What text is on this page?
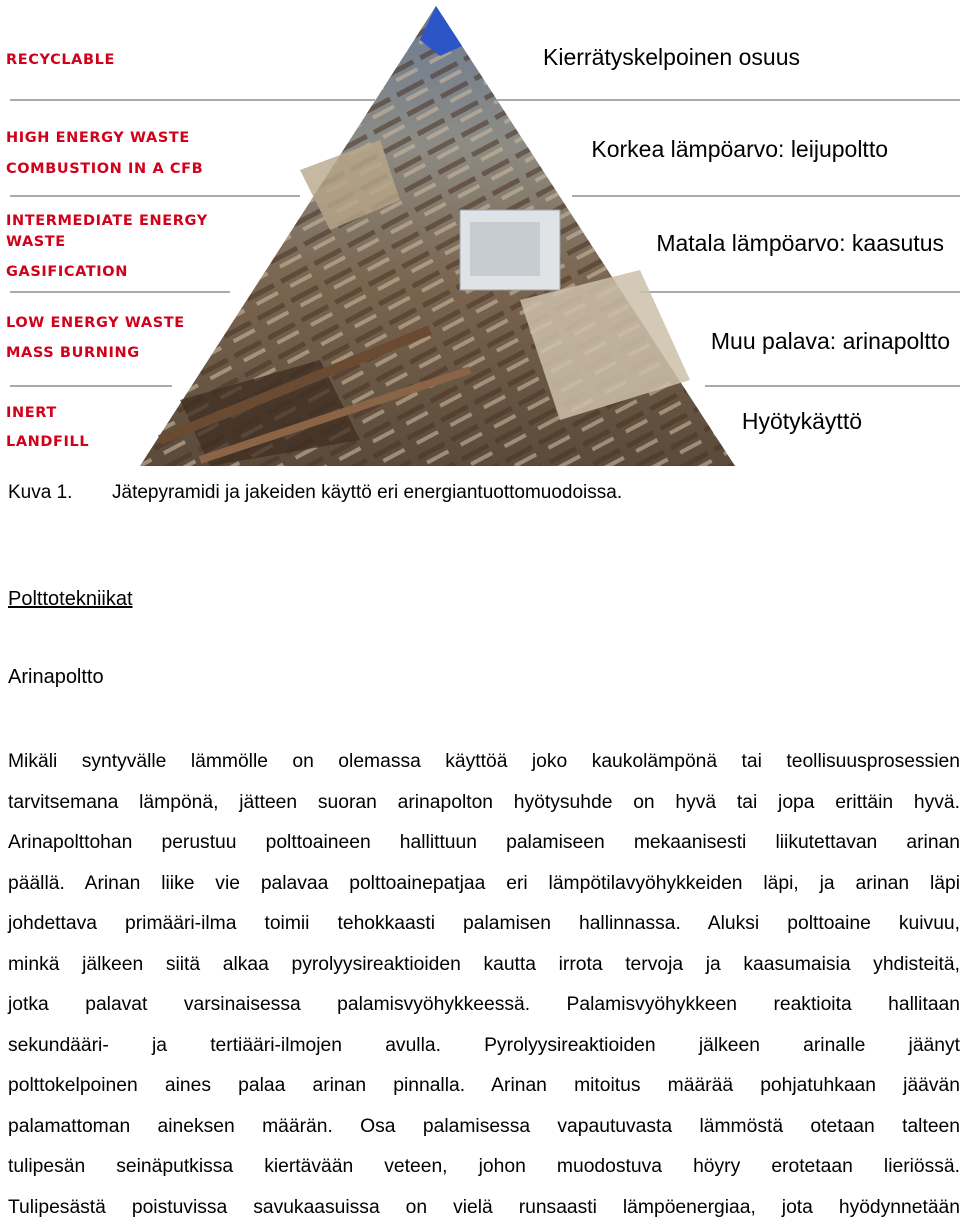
RECYCLABLE
HIGH ENERGY WASTE
COMBUSTION IN A CFB
INTERMEDIATE ENERGY
WASTE
GASIFICATION
LOW ENERGY WASTE
MASS BURNING
INERT
LANDFILL
Kierrätyskelpoinen osuus
Korkea lämpöarvo: leijupoltto
Matala lämpöarvo: kaasutus
Muu palava: arinapoltto
Hyötykäyttö
Kuva 1. Jätepyramidi ja jakeiden käyttö eri energiantuottomuodoissa.
Polttotekniikat
Arinapoltto
Mikäli syntyvälle lämmölle on olemassa käyttöä joko kaukolämpönä tai teollisuusprosessien
tarvitsemana lämpönä, jätteen suoran arinapolton hyötysuhde on hyvä tai jopa erittäin hyvä.
Arinapolttohan perustuu polttoaineen hallittuun palamiseen mekaanisesti liikutettavan arinan
päällä. Arinan liike vie palavaa polttoainepatjaa eri lämpötilavyöhykkeiden läpi, ja arinan läpi
johdettava primääri-ilma toimii tehokkaasti palamisen hallinnassa. Aluksi polttoaine kuivuu,
minkä jälkeen siitä alkaa pyrolyysireaktioiden kautta irrota tervoja ja kaasumaisia yhdisteitä,
jotka palavat varsinaisessa palamisvyöhykkeessä. Palamisvyöhykkeen reaktioita hallitaan
sekundääri- ja tertiääri-ilmojen avulla. Pyrolyysireaktioiden jälkeen arinalle jäänyt
polttokelpoinen aines palaa arinan pinnalla. Arinan mitoitus määrää pohjatuhkaan jäävän
palamattoman aineksen määrän. Osa palamisessa vapautuvasta lämmöstä otetaan talteen
tulipesän seinäputkissa kiertävään veteen, johon muodostuva höyry erotetaan lieriössä.
Tulipesästä poistuvissa savukaasuissa on vielä runsaasti lämpöenergiaa, jota hyödynnetään
